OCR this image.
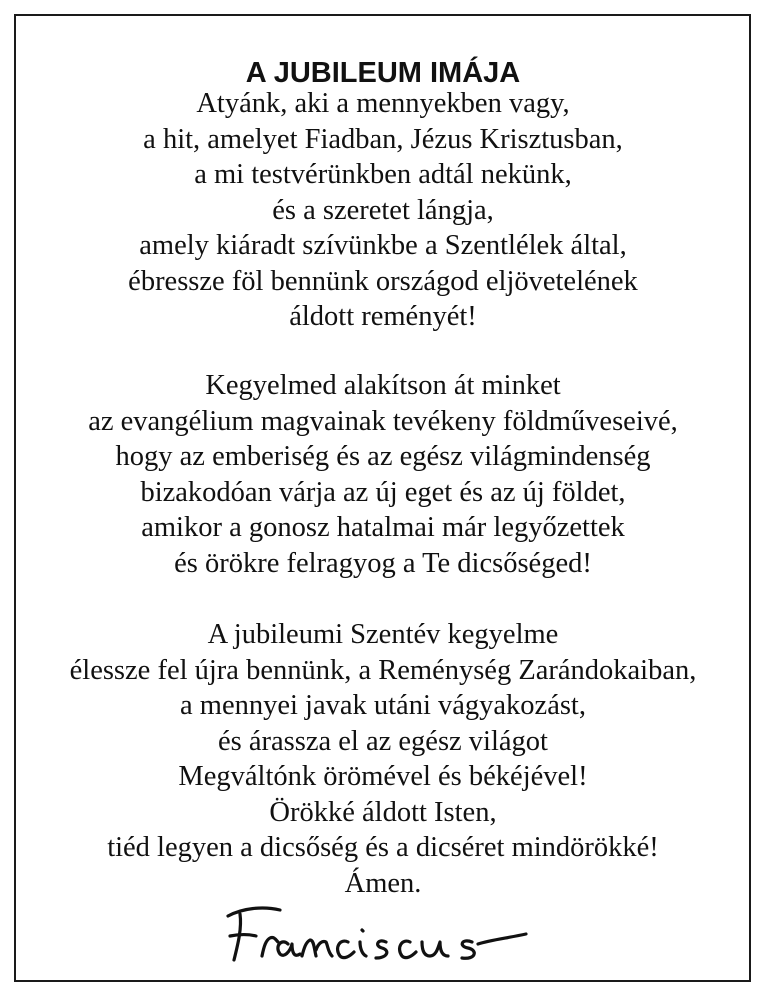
A JUBILEUM IMÁJA
Atyánk, aki a mennyekben vagy,
a hit, amelyet Fiadban, Jézus Krisztusban,
a mi testvérünkben adtál nekünk,
és a szeretet lángja,
amely kiáradt szívünkbe a Szentlélek által,
ébressze föl bennünk országod eljövetelének
áldott reményét!
Kegyelmed alakítson át minket
az evangélium magvainak tevékeny földműveseivé,
hogy az emberiség és az egész világmindenség
bizakodóan várja az új eget és az új földet,
amikor a gonosz hatalmai már legyőzettek
és örökre felragyog a Te dicsőséged!
A jubileumi Szentév kegyelme
élessze fel újra bennünk, a Reménység Zarándokaiban,
a mennyei javak utáni vágyakozást,
és árassza el az egész világot
Megváltónk örömével és békéjével!
Örökké áldott Isten,
tiéd legyen a dicsőség és a dicséret mindörökké!
Ámen.
